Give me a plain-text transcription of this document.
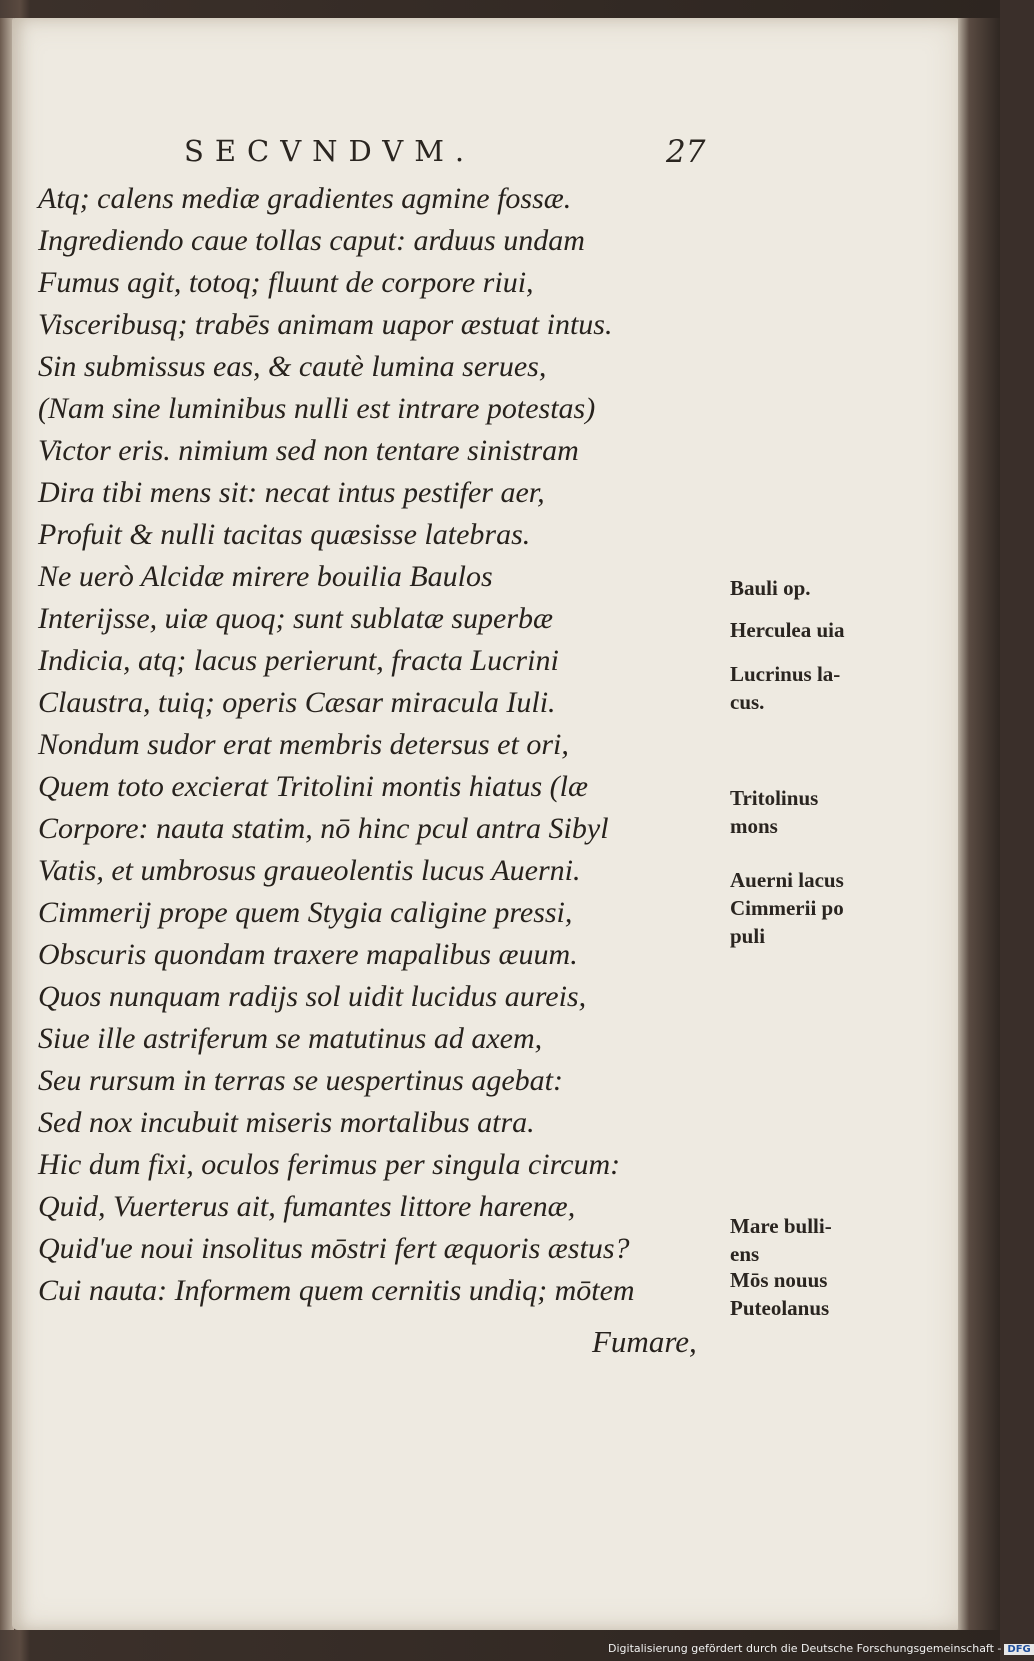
SECVNDVM.	27
Atq; calens mediæ gradientes agmine fossæ.
Ingrediendo caue tollas caput: arduus undam
Fumus agit, totoq; fluunt de corpore riui,
Visceribusq; trabēs animam uapor æstuat intus.
Sin submissus eas, & cautè lumina serues,
(Nam sine luminibus nulli est intrare potestas)
Victor eris. nimium sed non tentare sinistram
Dira tibi mens sit: necat intus pestifer aer,
Profuit & nulli tacitas quæsisse latebras.
Ne uerò Alcidæ mirere bouilia Baulos
Interijsse, uiæ quoq; sunt sublatæ superbæ
Indicia, atq; lacus perierunt, fracta Lucrini
Claustra, tuiq; operis Cæsar miracula Iuli.
Nondum sudor erat membris detersus et ori,
Quem toto excierat Tritolini montis hiatus (læ
Corpore: nauta statim, nō hinc pcul antra Sibyl
Vatis, et umbrosus graueolentis lucus Auerni.
Cimmerij prope quem Stygia caligine pressi,
Obscuris quondam traxere mapalibus æuum.
Quos nunquam radijs sol uidit lucidus aureis,
Siue ille astriferum se matutinus ad axem,
Seu rursum in terras se uespertinus agebat:
Sed nox incubuit miseris mortalibus atra.
Hic dum fixi, oculos ferimus per singula circum:
Quid, Vuerterus ait, fumantes littore harenæ,
Quid'ue noui insolitus mōstri fert æquoris æstus?
Cui nauta: Informem quem cernitis undiq; mōtem
Fumare,
Bauli op.
Herculea uia
Lucrinus la-
cus.
Tritolinus
mons
Auerni lacus
Cimmerii po
puli
Mare bulli-
ens
Mōs nouus
Puteolanus
Digitalisierung gefördert durch die Deutsche Forschungsgemeinschaft - DFG
